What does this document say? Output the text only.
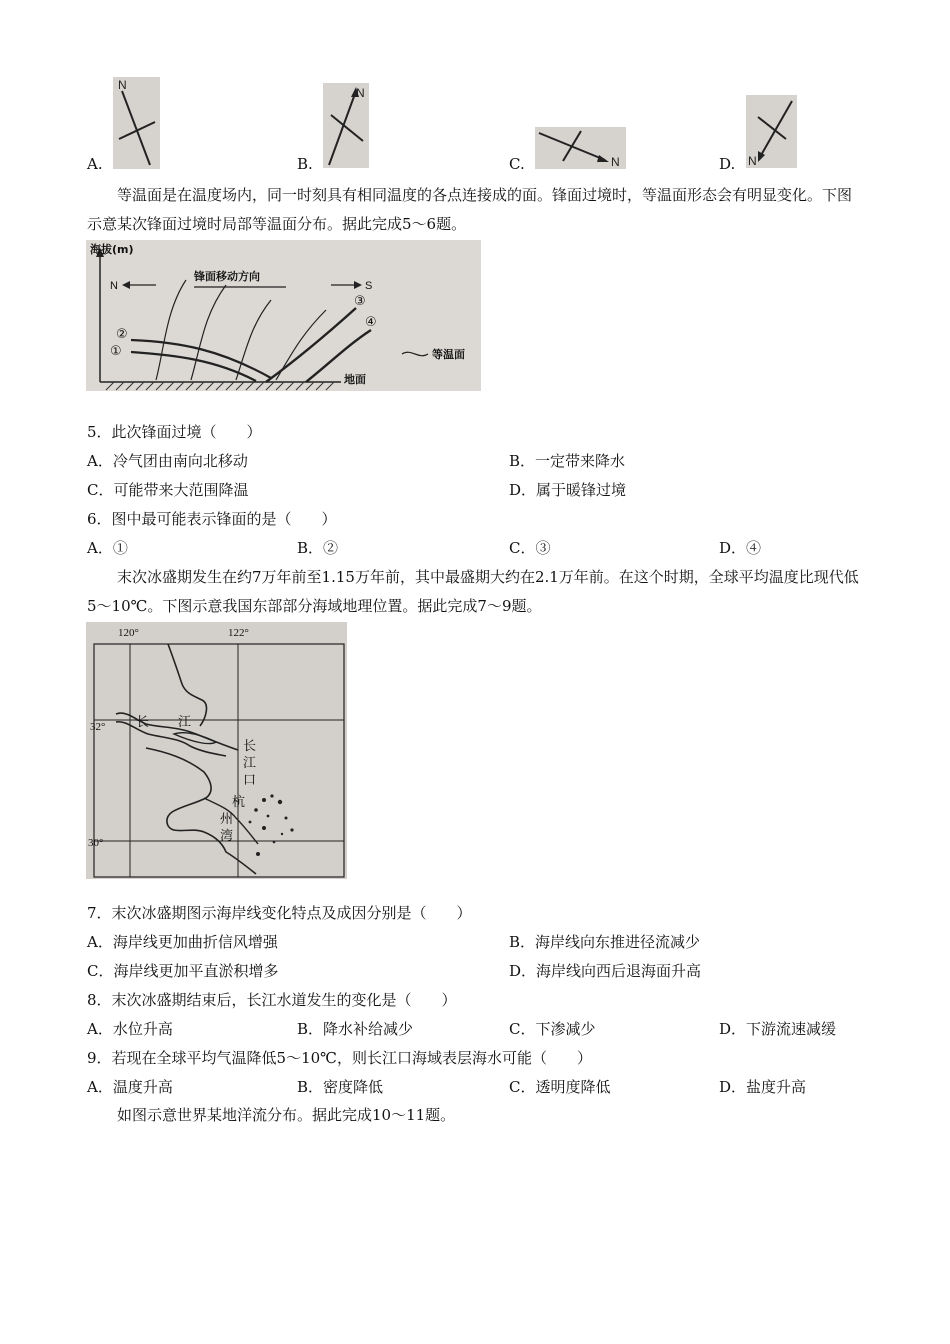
A.
N
B.
N
C.	N	D. N

等温面是在温度场内，同一时刻具有相同温度的各点连接成的面。锋面过境时，等温面形态会有明显变化。下图示意某次锋面过境时局部等温面分布。据此完成5～6题。

海拔(m)
地面
N
锋面移动方向
S
②
①
③
④
等温面
5．此次锋面过境（　　）
A．冷气团由南向北移动	B．一定带来降水
C．可能带来大范围降温	D．属于暖锋过境
6．图中最可能表示锋面的是（　　）
A．①	B．②	C．③	D．④

末次冰盛期发生在约7万年前至1.15万年前，其中最盛期大约在2.1万年前。在这个时期，全球平均温度比现代低5～10℃。下图示意我国东部部分海域地理位置。据此完成7～9题。

120°	122°
32°
30°
长 江
长
江
口
杭
州
湾
7．末次冰盛期图示海岸线变化特点及成因分别是（　　）
A．海岸线更加曲折信风增强	B．海岸线向东推进径流减少
C．海岸线更加平直淤积增多	D．海岸线向西后退海面升高
8．末次冰盛期结束后，长江水道发生的变化是（　　）
A．水位升高	B．降水补给减少	C．下渗减少	D．下游流速减缓
9．若现在全球平均气温降低5～10℃，则长江口海域表层海水可能（　　）
A．温度升高	B．密度降低	C．透明度降低	D．盐度升高

如图示意世界某地洋流分布。据此完成10～11题。
